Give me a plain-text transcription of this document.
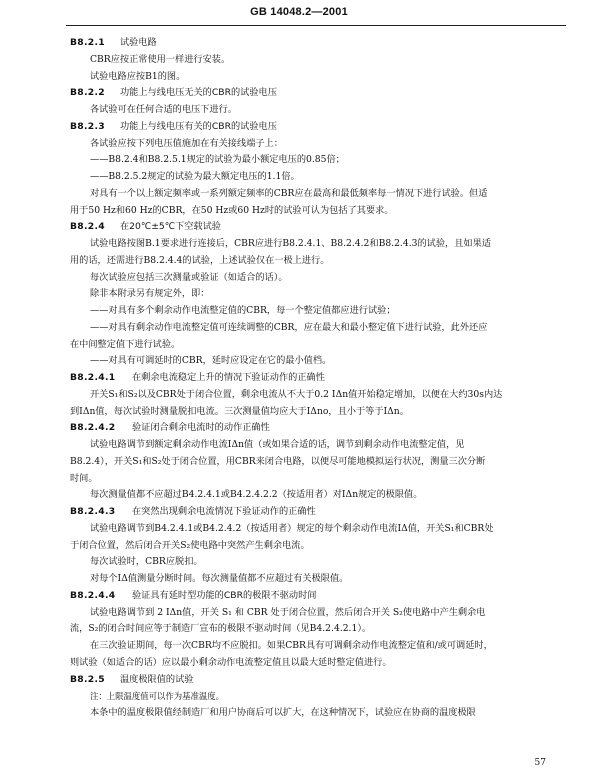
GB 14048.2—2001
B8.2.1 试验电路
CBR应按正常使用一样进行安装。
试验电路应按B1的图。
B8.2.2 功能上与线电压无关的CBR的试验电压
各试验可在任何合适的电压下进行。
B8.2.3 功能上与线电压有关的CBR的试验电压
各试验应按下列电压值施加在有关接线端子上：
——B8.2.4和B8.2.5.1规定的试验为最小额定电压的0.85倍；
——B8.2.5.2规定的试验为最大额定电压的1.1倍。
对具有一个以上额定频率或一系列额定频率的CBR应在最高和最低频率每一情况下进行试验。但适
用于50 Hz和60 Hz的CBR，在50 Hz或60 Hz时的试验可认为包括了其要求。
B8.2.4 在20℃±5℃下空载试验
试验电路按图B.1要求进行连接后，CBR应进行B8.2.4.1、B8.2.4.2和B8.2.4.3的试验，且如果适
用的话，还需进行B8.2.4.4的试验，上述试验仅在一极上进行。
每次试验应包括三次测量或验证（如适合的话）。
除非本附录另有规定外，即：
——对具有多个剩余动作电流整定值的CBR，每一个整定值都应进行试验；
——对具有剩余动作电流整定值可连续调整的CBR，应在最大和最小整定值下进行试验，此外还应
在中间整定值下进行试验。
——对具有可调延时的CBR，延时应设定在它的最小值档。
B8.2.4.1 在剩余电流稳定上升的情况下验证动作的正确性
开关S₁和S₂以及CBR处于闭合位置，剩余电流从不大于0.2 IΔn值开始稳定增加，以便在大约30s内达
到IΔn值，每次试验时测量脱扣电流。三次测量值均应大于IΔno，且小于等于IΔn。
B8.2.4.2 验证闭合剩余电流时的动作正确性
试验电路调节到额定剩余动作电流IΔn值（或如果合适的话，调节到剩余动作电流整定值，见
B8.2.4），开关S₁和S₂处于闭合位置，用CBR来闭合电路，以便尽可能地模拟运行状况，测量三次分断
时间。
每次测量值都不应超过B4.2.4.1或B4.2.4.2.2（按适用者）对IΔn规定的极限值。
B8.2.4.3 在突然出现剩余电流情况下验证动作的正确性
试验电路调节到B4.2.4.1或B4.2.4.2（按适用者）规定的每个剩余动作电流IΔ值，开关S₁和CBR处
于闭合位置，然后闭合开关S₂使电路中突然产生剩余电流。
每次试验时，CBR应脱扣。
对每个IΔ值测量分断时间。每次测量值都不应超过有关极限值。
B8.2.4.4 验证具有延时型功能的CBR的极限不驱动时间
试验电路调节到 2 IΔn值，开关 S₁ 和 CBR 处于闭合位置，然后闭合开关 S₂使电路中产生剩余电
流，S₂的闭合时间应等于制造厂宣布的极限不驱动时间（见B4.2.4.2.1）。
在三次验证期间，每一次CBR均不应脱扣。如果CBR具有可调剩余动作电流整定值和/或可调延时，
则试验（如适合的话）应以最小剩余动作电流整定值且以最大延时整定值进行。
B8.2.5 温度极限值的试验
注：上限温度值可以作为基准温度。
本条中的温度极限值经制造厂和用户协商后可以扩大，在这种情况下，试验应在协商的温度极限
57
